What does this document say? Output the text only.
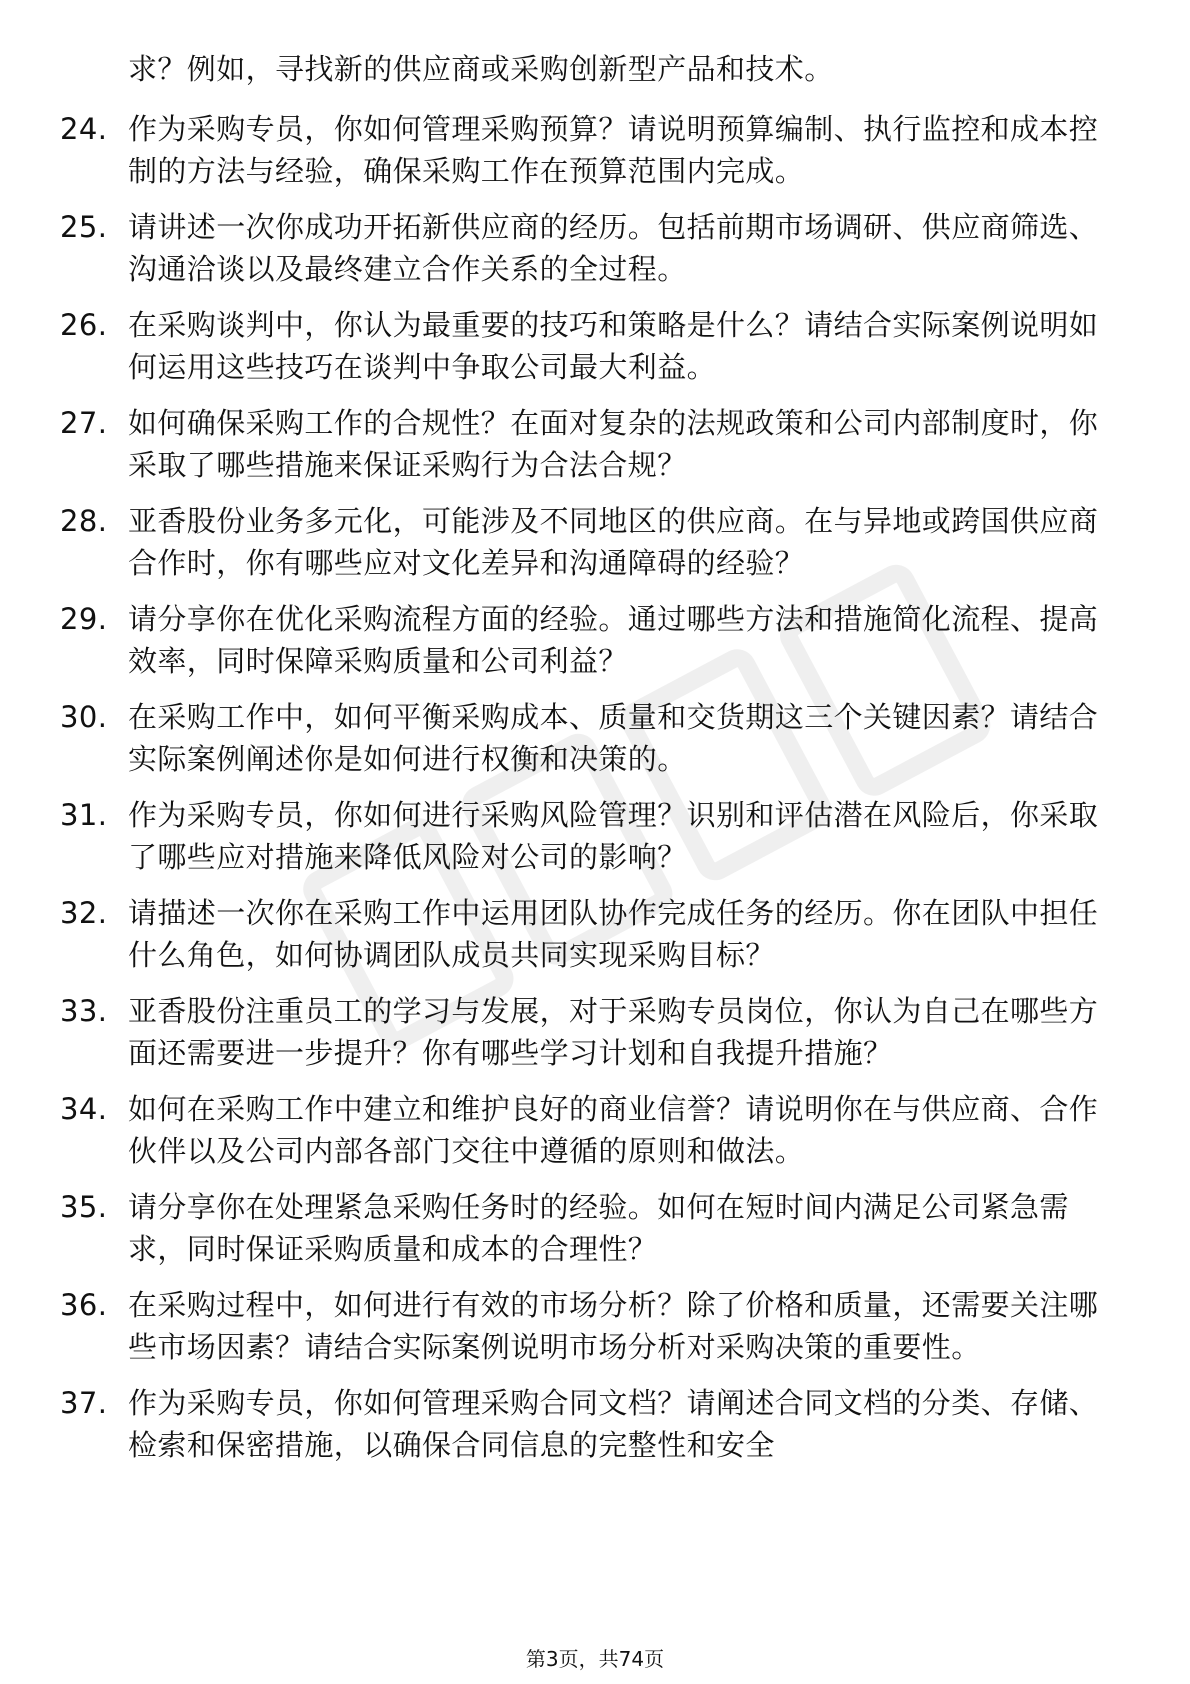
求？例如，寻找新的供应商或采购创新型产品和技术。
24. 作为采购专员，你如何管理采购预算？请说明预算编制、执行监控和成本控制的方法与经验，确保采购工作在预算范围内完成。
25. 请讲述一次你成功开拓新供应商的经历。包括前期市场调研、供应商筛选、沟通洽谈以及最终建立合作关系的全过程。
26. 在采购谈判中，你认为最重要的技巧和策略是什么？请结合实际案例说明如何运用这些技巧在谈判中争取公司最大利益。
27. 如何确保采购工作的合规性？在面对复杂的法规政策和公司内部制度时，你采取了哪些措施来保证采购行为合法合规？
28. 亚香股份业务多元化，可能涉及不同地区的供应商。在与异地或跨国供应商合作时，你有哪些应对文化差异和沟通障碍的经验？
29. 请分享你在优化采购流程方面的经验。通过哪些方法和措施简化流程、提高效率，同时保障采购质量和公司利益？
30. 在采购工作中，如何平衡采购成本、质量和交货期这三个关键因素？请结合实际案例阐述你是如何进行权衡和决策的。
31. 作为采购专员，你如何进行采购风险管理？识别和评估潜在风险后，你采取了哪些应对措施来降低风险对公司的影响？
32. 请描述一次你在采购工作中运用团队协作完成任务的经历。你在团队中担任什么角色，如何协调团队成员共同实现采购目标？
33. 亚香股份注重员工的学习与发展，对于采购专员岗位，你认为自己在哪些方面还需要进一步提升？你有哪些学习计划和自我提升措施？
34. 如何在采购工作中建立和维护良好的商业信誉？请说明你在与供应商、合作伙伴以及公司内部各部门交往中遵循的原则和做法。
35. 请分享你在处理紧急采购任务时的经验。如何在短时间内满足公司紧急需求，同时保证采购质量和成本的合理性？
36. 在采购过程中，如何进行有效的市场分析？除了价格和质量，还需要关注哪些市场因素？请结合实际案例说明市场分析对采购决策的重要性。
37. 作为采购专员，你如何管理采购合同文档？请阐述合同文档的分类、存储、检索和保密措施，以确保合同信息的完整性和安全
第3页，共74页
